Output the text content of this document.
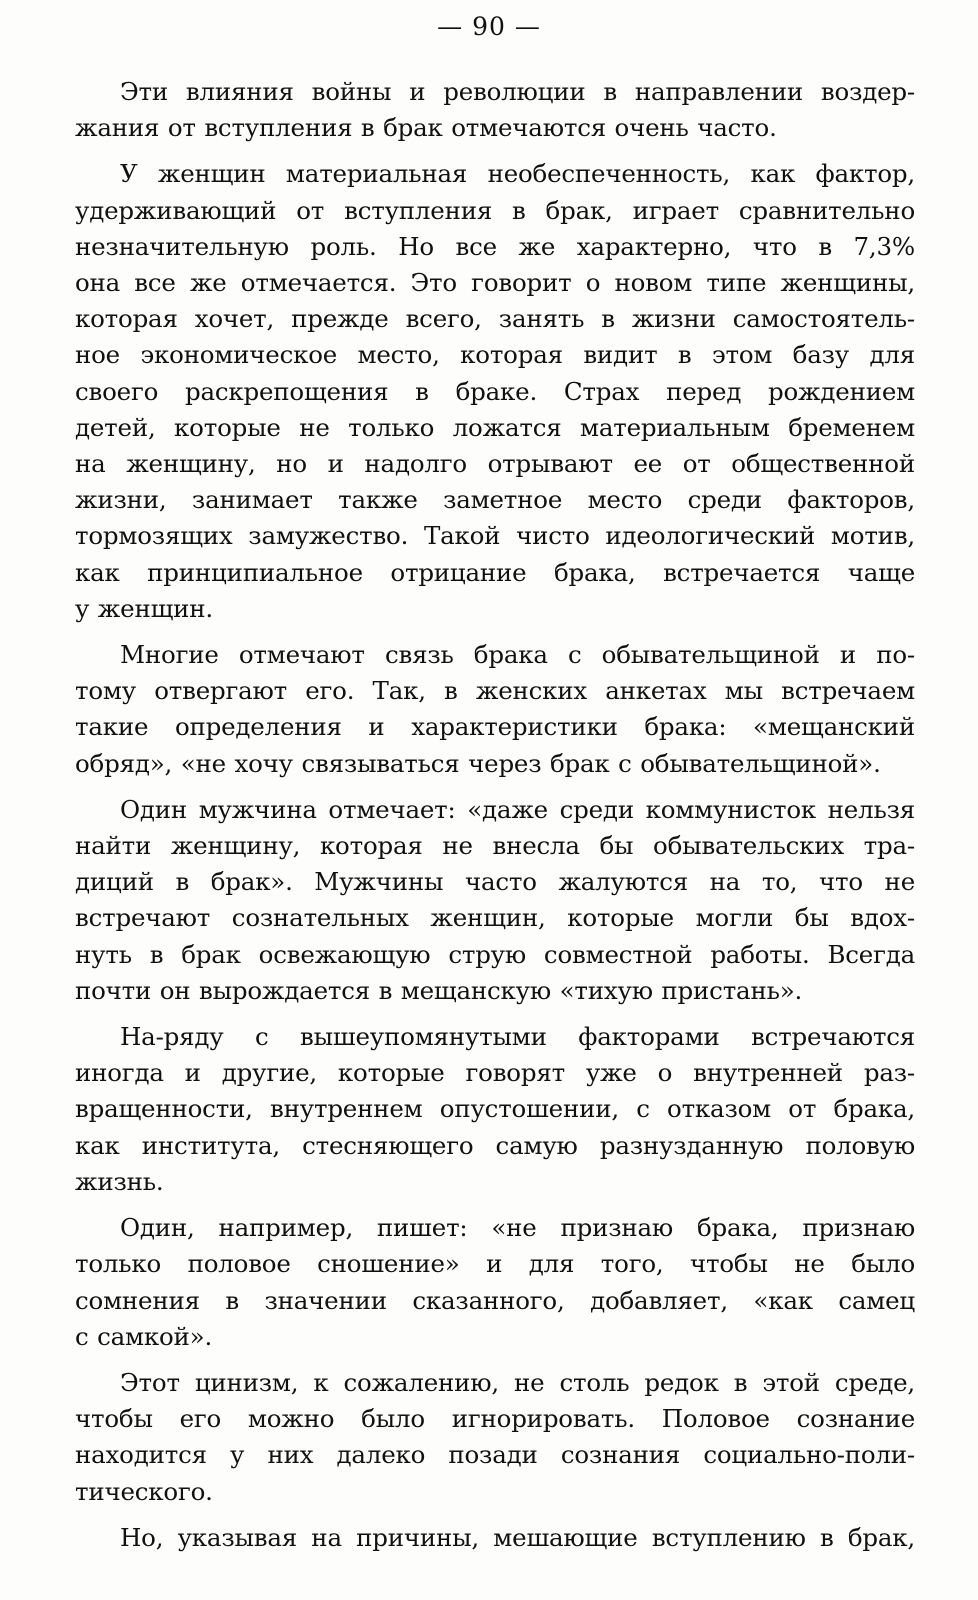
— 90 —

Эти влияния войны и революции в направлении воздер-
жания от вступления в брак отмечаются очень часто.

У женщин материальная необеспеченность, как фактор,
удерживающий от вступления в брак, играет сравнительно
незначительную роль. Но все же характерно, что в 7,3%
она все же отмечается. Это говорит о новом типе женщины,
которая хочет, прежде всего, занять в жизни самостоятель-
ное экономическое место, которая видит в этом базу для
своего раскрепощения в браке. Страх перед рождением
детей, которые не только ложатся материальным бременем
на женщину, но и надолго отрывают ее от общественной
жизни, занимает также заметное место среди факторов,
тормозящих замужество. Такой чисто идеологический мотив,
как принципиальное отрицание брака, встречается чаще
у женщин.

Многие отмечают связь брака с обывательщиной и по-
тому отвергают его. Так, в женских анкетах мы встречаем
такие определения и характеристики брака: «мещанский
обряд», «не хочу связываться через брак с обывательщиной».

Один мужчина отмечает: «даже среди коммунисток нельзя
найти женщину, которая не внесла бы обывательских тра-
диций в брак». Мужчины часто жалуются на то, что не
встречают сознательных женщин, которые могли бы вдох-
нуть в брак освежающую струю совместной работы. Всегда
почти он вырождается в мещанскую «тихую пристань».

На-ряду с вышеупомянутыми факторами встречаются
иногда и другие, которые говорят уже о внутренней раз-
вращенности, внутреннем опустошении, с отказом от брака,
как института, стесняющего самую разнузданную половую
жизнь.

Один, например, пишет: «не признаю брака, признаю
только половое сношение» и для того, чтобы не было
сомнения в значении сказанного, добавляет, «как самец
с самкой».

Этот цинизм, к сожалению, не столь редок в этой среде,
чтобы его можно было игнорировать. Половое сознание
находится у них далеко позади сознания социально-поли-
тического.

Но, указывая на причины, мешающие вступлению в брак,
